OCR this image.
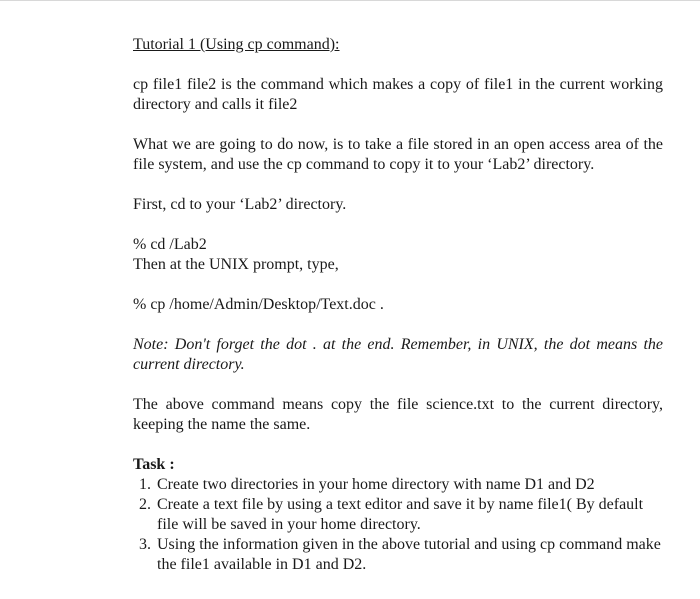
Tutorial 1 (Using cp command):

cp file1 file2 is the command which makes a copy of file1 in the current working directory and calls it file2

What we are going to do now, is to take a file stored in an open access area of the file system, and use the cp command to copy it to your ‘Lab2’ directory.

First, cd to your ‘Lab2’ directory.

% cd /Lab2

Then at the UNIX prompt, type,

% cp /home/Admin/Desktop/Text.doc .

Note: Don't forget the dot . at the end. Remember, in UNIX, the dot means the current directory.

The above command means copy the file science.txt to the current directory, keeping the name the same.

Task :

1. Create two directories in your home directory with name D1 and D2

2. Create a text file by using a text editor and save it by name file1( By default file will be saved in your home directory.

3. Using the information given in the above tutorial and using cp command make the file1 available in D1 and D2.
